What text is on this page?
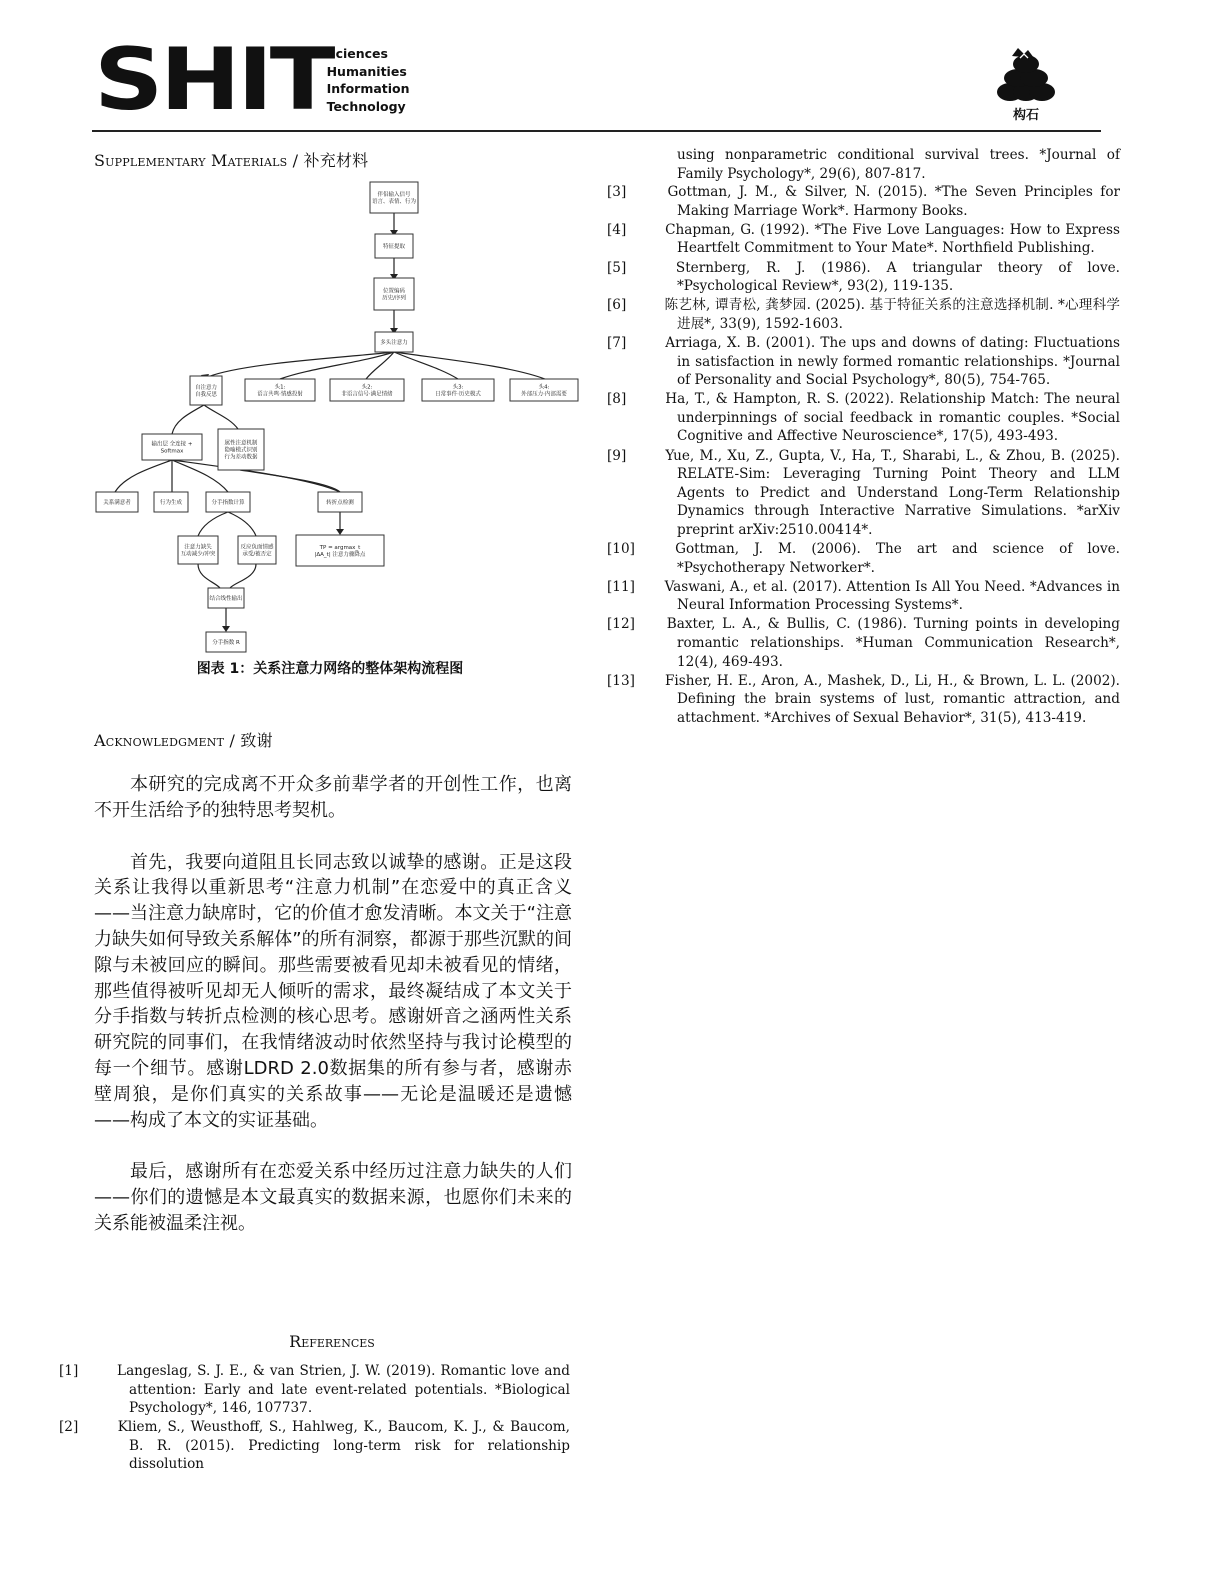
SHIT
Sciences
Humanities
Information
Technology
构石
Supplementary Materials / 补充材料
伴侣输入信号语言、表情、行为
特征提取
位置编码历史/序列
多头注意力
自注意力自我反思
头1:语言共鸣·情感投射
头2:非语言信号·满足情绪
头3:日常事件·历史模式
头4:外部压力·内部需要
输出层 全连接 + Softmax
属性注意机制隐喻模式识别行为差动数据
关系满意者	行为生成	分手指数计算	转折点检测
注意力缺失互动减少/冲突
反应负面情感承受/被否定
TP = argmax_t |ΔA_t| 注意力骤降点
结合线性输出
分手指数 R
图表 1：关系注意力网络的整体架构流程图
Acknowledgment / 致谢

本研究的完成离不开众多前辈学者的开创性工作，也离不开生活给予的独特思考契机。

首先，我要向道阻且长同志致以诚挚的感谢。正是这段关系让我得以重新思考“注意力机制”在恋爱中的真正含义——当注意力缺席时，它的价值才愈发清晰。本文关于“注意力缺失如何导致关系解体”的所有洞察，都源于那些沉默的间隙与未被回应的瞬间。那些需要被看见却未被看见的情绪，那些值得被听见却无人倾听的需求，最终凝结成了本文关于分手指数与转折点检测的核心思考。感谢妍音之涵两性关系研究院的同事们，在我情绪波动时依然坚持与我讨论模型的每一个细节。感谢LDRD 2.0数据集的所有参与者，感谢赤壁周狼，是你们真实的关系故事——无论是温暖还是遗憾——构成了本文的实证基础。

最后，感谢所有在恋爱关系中经历过注意力缺失的人们——你们的遗憾是本文最真实的数据来源，也愿你们未来的关系能被温柔注视。

References
[1]	Langeslag, S. J. E., & van Strien, J. W. (2019). Romantic love and attention: Early and late event-related potentials. *Biological Psychology*, 146, 107737.
[2]	Kliem, S., Weusthoff, S., Hahlweg, K., Baucom, K. J., & Baucom, B. R. (2015). Predicting long-term risk for relationship dissolution
using nonparametric conditional survival trees. *Journal of Family Psychology*, 29(6), 807-817.
[3]	Gottman, J. M., & Silver, N. (2015). *The Seven Principles for Making Marriage Work*. Harmony Books.
[4]	Chapman, G. (1992). *The Five Love Languages: How to Express Heartfelt Commitment to Your Mate*. Northfield Publishing.
[5]	Sternberg, R. J. (1986). A triangular theory of love. *Psychological Review*, 93(2), 119-135.
[6]	陈艺林, 谭青松, 龚梦园. (2025). 基于特征关系的注意选择机制. *心理科学进展*, 33(9), 1592-1603.
[7]	Arriaga, X. B. (2001). The ups and downs of dating: Fluctuations in satisfaction in newly formed romantic relationships. *Journal of Personality and Social Psychology*, 80(5), 754-765.
[8]	Ha, T., & Hampton, R. S. (2022). Relationship Match: The neural underpinnings of social feedback in romantic couples. *Social Cognitive and Affective Neuroscience*, 17(5), 493-493.
[9]	Yue, M., Xu, Z., Gupta, V., Ha, T., Sharabi, L., & Zhou, B. (2025). RELATE-Sim: Leveraging Turning Point Theory and LLM Agents to Predict and Understand Long-Term Relationship Dynamics through Interactive Narrative Simulations. *arXiv preprint arXiv:2510.00414*.
[10]	Gottman, J. M. (2006). The art and science of love. *Psychotherapy Networker*.
[11] Vaswani, A., et al. (2017). Attention Is All You Need. *Advances in Neural Information Processing Systems*.
[12] Baxter, L. A., & Bullis, C. (1986). Turning points in developing romantic relationships. *Human Communication Research*, 12(4), 469-493.
[13] Fisher, H. E., Aron, A., Mashek, D., Li, H., & Brown, L. L. (2002). Defining the brain systems of lust, romantic attraction, and attachment. *Archives of Sexual Behavior*, 31(5), 413-419.
